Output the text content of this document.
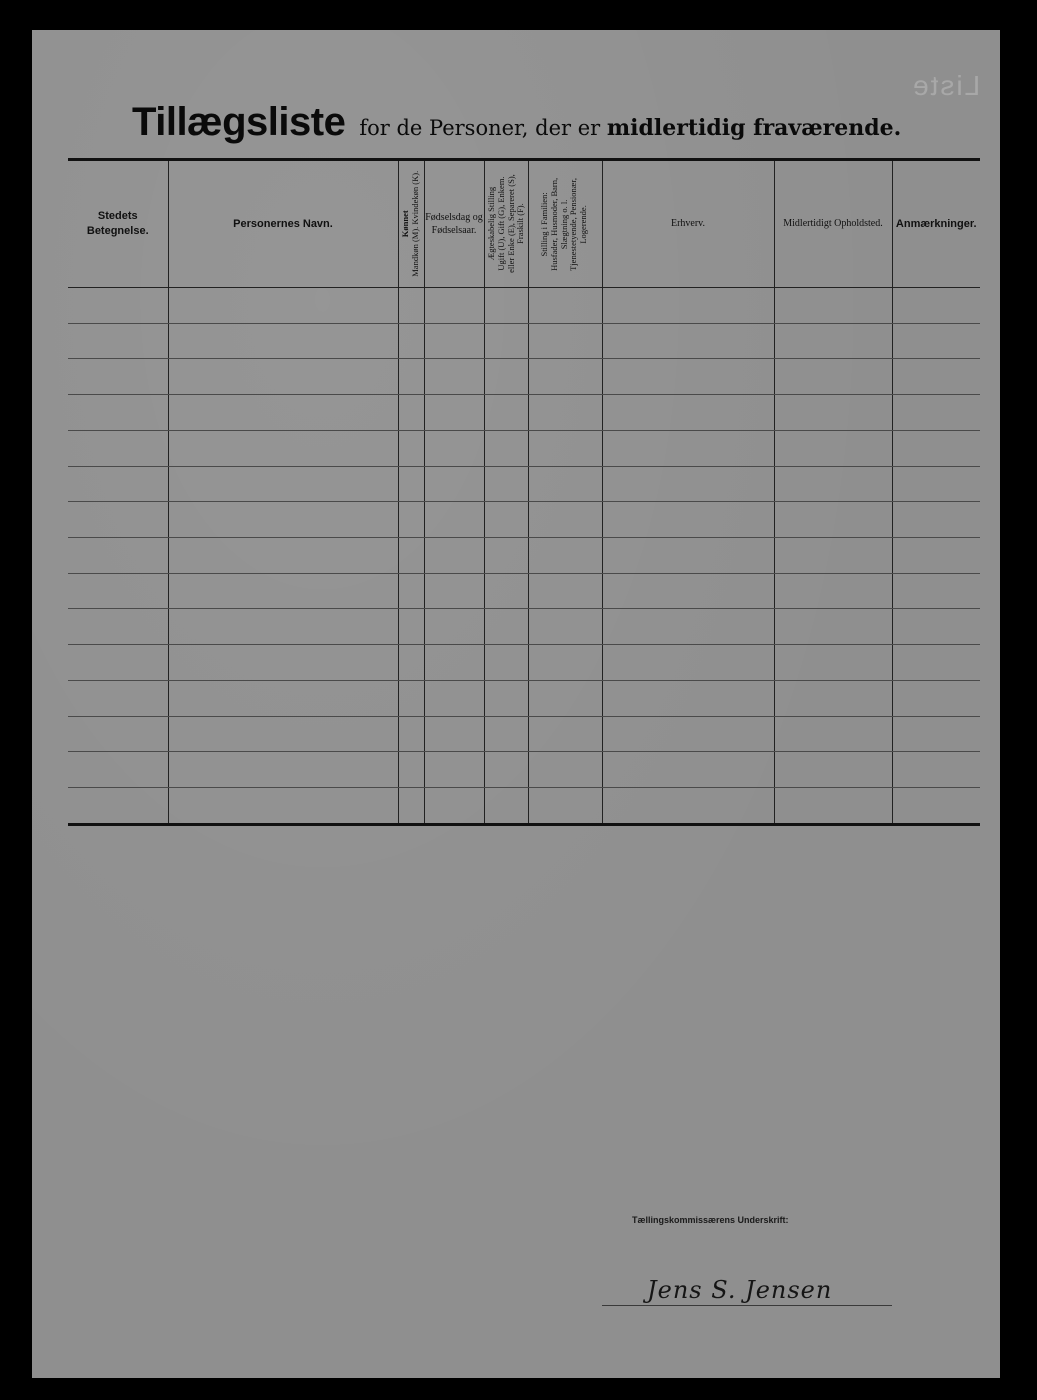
Liste
Tillægsliste for de Personer, der er midlertidig fraværende.
Stedets Betegnelse.	Personernes Navn.	Kønnet
Mandkøn (M). Kvindekøn (K).	Fødselsdag og Fødselsaar.	Ægteskabelig Stilling
Ugift (U), Gift (G), Enkem.
eller Enke (E), Separeret (S),
Fraskilt (F).	Stilling i Familien:
Husfader, Husmoder, Barn,
Slægtning o. l.
Tjenestetyende, Pensionær,
Logerende.	Erhverv.	Midlertidigt Opholdsted.	Anmærkninger.

Tællingskommissærens Underskrift:
Jens S. Jensen
